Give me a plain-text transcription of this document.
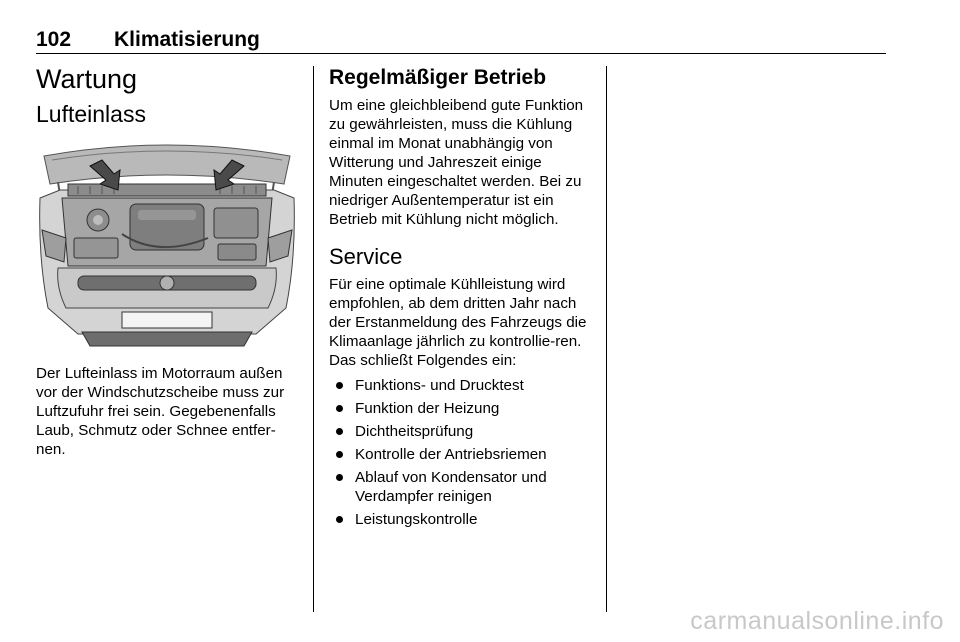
102 Klimatisierung
Wartung
Lufteinlass

Der Lufteinlass im Motorraum außen vor der Windschutzscheibe muss zur Luftzufuhr frei sein. Gegebenenfalls Laub, Schmutz oder Schnee entfer-nen.

Regelmäßiger Betrieb

Um eine gleichbleibend gute Funktion zu gewährleisten, muss die Kühlung einmal im Monat unabhängig von Witterung und Jahreszeit einige Minuten eingeschaltet werden. Bei zu niedriger Außentemperatur ist ein Betrieb mit Kühlung nicht möglich.

Service

Für eine optimale Kühlleistung wird empfohlen, ab dem dritten Jahr nach der Erstanmeldung des Fahrzeugs die Klimaanlage jährlich zu kontrollie-ren. Das schließt Folgendes ein:

Funktions- und Drucktest
Funktion der Heizung
Dichtheitsprüfung
Kontrolle der Antriebsriemen
Ablauf von Kondensator und Verdampfer reinigen
Leistungskontrolle
carmanualsonline.info
